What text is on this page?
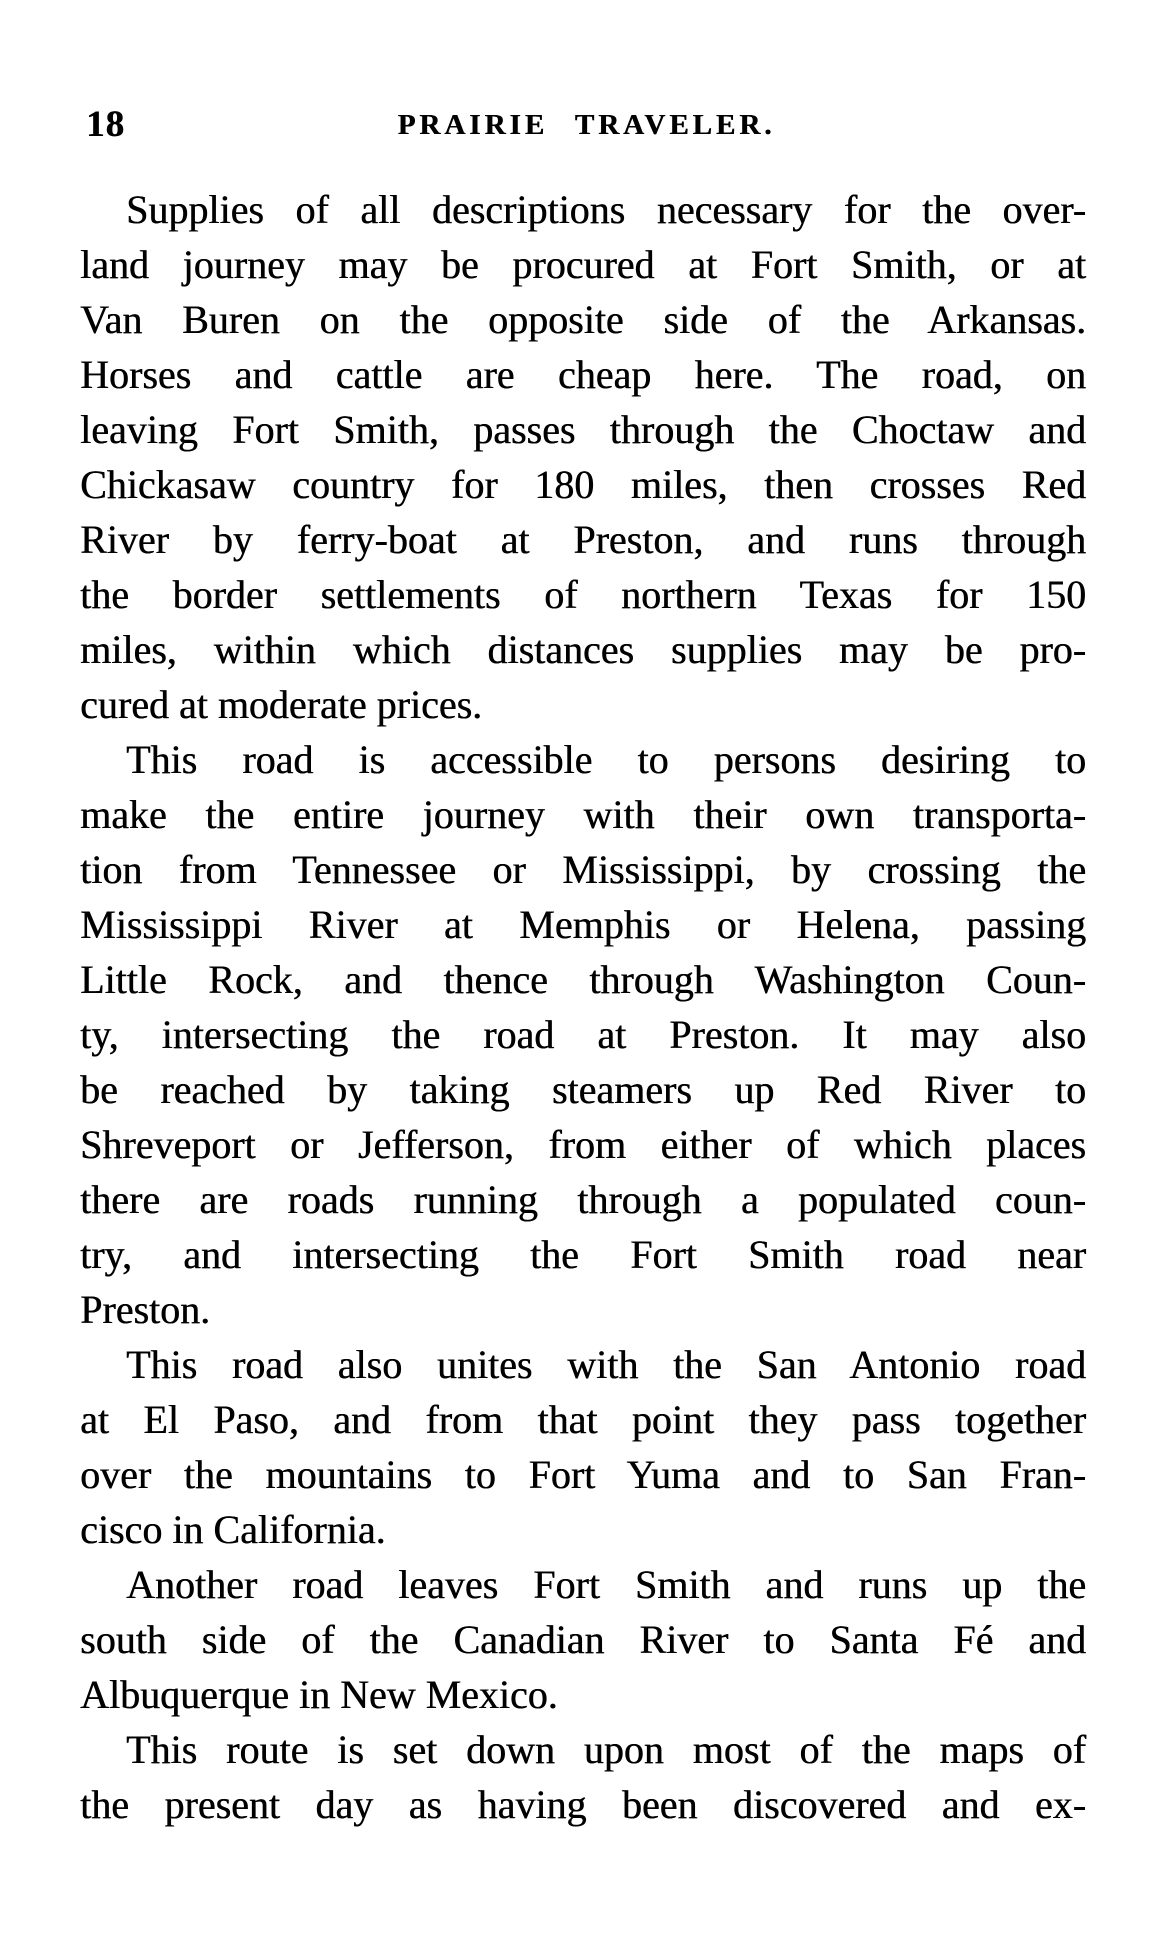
18	PRAIRIE TRAVELER.
Supplies of all descriptions necessary for the over-
land journey may be procured at Fort Smith, or at
Van Buren on the opposite side of the Arkansas.
Horses and cattle are cheap here. The road, on
leaving Fort Smith, passes through the Choctaw and
Chickasaw country for 180 miles, then crosses Red
River by ferry-boat at Preston, and runs through
the border settlements of northern Texas for 150
miles, within which distances supplies may be pro-
cured at moderate prices.
This road is accessible to persons desiring to
make the entire journey with their own transporta-
tion from Tennessee or Mississippi, by crossing the
Mississippi River at Memphis or Helena, passing
Little Rock, and thence through Washington Coun-
ty, intersecting the road at Preston. It may also
be reached by taking steamers up Red River to
Shreveport or Jefferson, from either of which places
there are roads running through a populated coun-
try, and intersecting the Fort Smith road near
Preston.
This road also unites with the San Antonio road
at El Paso, and from that point they pass together
over the mountains to Fort Yuma and to San Fran-
cisco in California.
Another road leaves Fort Smith and runs up the
south side of the Canadian River to Santa Fé and
Albuquerque in New Mexico.
This route is set down upon most of the maps of
the present day as having been discovered and ex-
